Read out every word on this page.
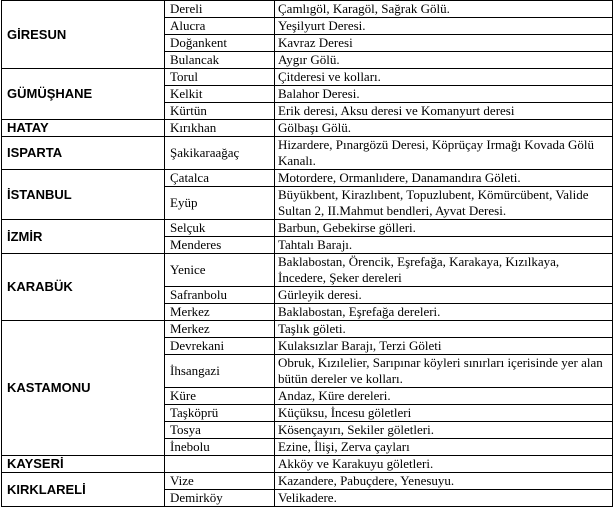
GİRESUN	Dereli	Çamlıgöl, Karagöl, Sağrak Gölü.
	Alucra	Yeşilyurt Deresi.
	Doğankent	Kavraz Deresi
	Bulancak	Aygır Gölü.
GÜMÜŞHANE	Torul	Çitderesi ve kolları.
	Kelkit	Balahor Deresi.
	Kürtün	Erik deresi, Aksu deresi ve Komanyurt deresi
HATAY	Kırıkhan	Gölbaşı Gölü.
ISPARTA	Şakikaraağaç	Hizardere, Pınargözü Deresi, Köprüçay Irmağı Kovada Gölü Kanalı.
İSTANBUL	Çatalca	Motordere, Ormanlıdere, Danamandıra Göleti.
	Eyüp	Büyükbent, Kirazlıbent, Topuzlubent, Kömürcübent, Valide Sultan 2, II.Mahmut bendleri, Ayvat Deresi.
İZMİR	Selçuk	Barbun, Gebekirse gölleri.
	Menderes	Tahtalı Barajı.
KARABÜK	Yenice	Baklabostan, Örencik, Eşrefağa, Karakaya, Kızılkaya, İncedere, Şeker dereleri
	Safranbolu	Gürleyik deresi.
	Merkez	Baklabostan, Eşrefağa dereleri.
KASTAMONU	Merkez	Taşlık göleti.
	Devrekani	Kulaksızlar Barajı, Terzi Göleti
	İhsangazi	Obruk, Kızılelier, Sarıpınar köyleri sınırları içerisinde yer alan bütün dereler ve kolları.
	Küre	Andaz, Küre dereleri.
	Taşköprü	Küçüksu, İncesu göletleri
	Tosya	Kösençayırı, Sekiler göletleri.
	İnebolu	Ezine, İlişi, Zerva çayları
KAYSERİ		Akköy ve Karakuyu göletleri.
KIRKLARELİ	Vize	Kazandere, Pabuçdere, Yenesuyu.
	Demirköy	Velikadere.
